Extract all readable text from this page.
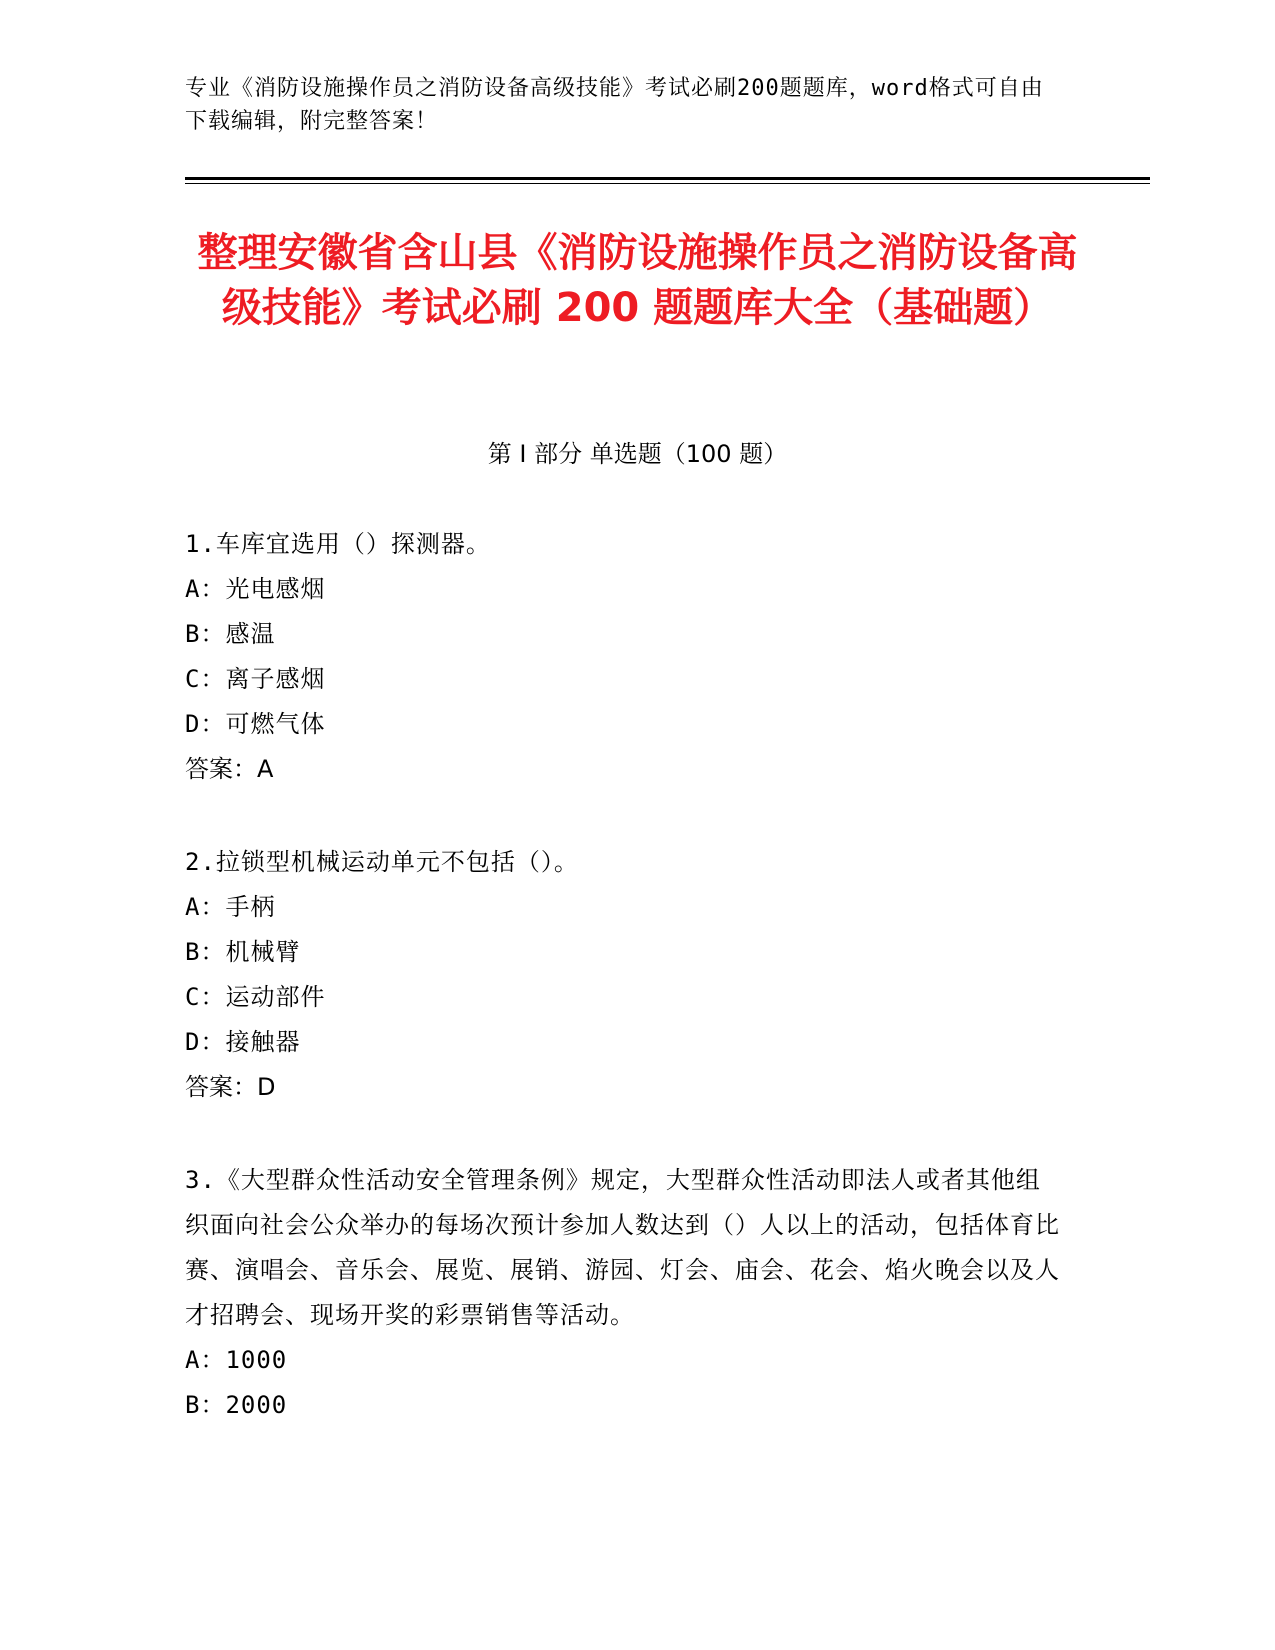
专业《消防设施操作员之消防设备高级技能》考试必刷200题题库，word格式可自由下载编辑，附完整答案！

整理安徽省含山县《消防设施操作员之消防设备高级技能》考试必刷 200 题题库大全（基础题）
第 I 部分 单选题（100 题）

1.车库宜选用（）探测器。

A：光电感烟

B：感温

C：离子感烟

D：可燃气体

答案：A

2.拉锁型机械运动单元不包括（）。

A：手柄

B：机械臂

C：运动部件

D：接触器

答案：D

3.《大型群众性活动安全管理条例》规定，大型群众性活动即法人或者其他组织面向社会公众举办的每场次预计参加人数达到（）人以上的活动，包括体育比赛、演唱会、音乐会、展览、展销、游园、灯会、庙会、花会、焰火晚会以及人才招聘会、现场开奖的彩票销售等活动。

A：1000

B：2000
